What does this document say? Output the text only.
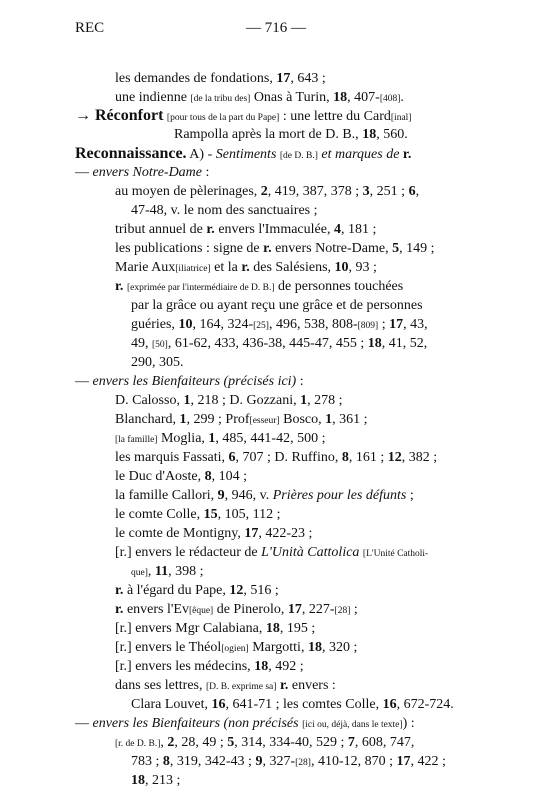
REC	— 716 —
les demandes de fondations, 17, 643 ;
une indienne [de la tribu des] Onas à Turin, 18, 407-[408].
→ Réconfort [pour tous de la part du Pape] : une lettre du Card[inal]
Rampolla après la mort de D. B., 18, 560.
Reconnaissance. A) - Sentiments [de D. B.] et marques de r.
— envers Notre-Dame :
au moyen de pèlerinages, 2, 419, 387, 378 ; 3, 251 ; 6,
47-48, v. le nom des sanctuaires ;
tribut annuel de r. envers l'Immaculée, 4, 181 ;
les publications : signe de r. envers Notre-Dame, 5, 149 ;
Marie Aux[iliatrice] et la r. des Salésiens, 10, 93 ;
r. [exprimée par l'intermédiaire de D. B.] de personnes touchées
par la grâce ou ayant reçu une grâce et de personnes
guéries, 10, 164, 324-[25], 496, 538, 808-[809] ; 17, 43,
49, [50], 61-62, 433, 436-38, 445-47, 455 ; 18, 41, 52,
290, 305.
— envers les Bienfaiteurs (précisés ici) :
D. Calosso, 1, 218 ; D. Gozzani, 1, 278 ;
Blanchard, 1, 299 ; Prof[esseur] Bosco, 1, 361 ;
[la famille] Moglia, 1, 485, 441-42, 500 ;
les marquis Fassati, 6, 707 ; D. Ruffino, 8, 161 ; 12, 382 ;
le Duc d'Aoste, 8, 104 ;
la famille Callori, 9, 946, v. Prières pour les défunts ;
le comte Colle, 15, 105, 112 ;
le comte de Montigny, 17, 422-23 ;
[r.] envers le rédacteur de L'Unità Cattolica [L'Unité Catholi-
que], 11, 398 ;
r. à l'égard du Pape, 12, 516 ;
r. envers l'Ev[êque] de Pinerolo, 17, 227-[28] ;
[r.] envers Mgr Calabiana, 18, 195 ;
[r.] envers le Théol[ogien] Margotti, 18, 320 ;
[r.] envers les médecins, 18, 492 ;
dans ses lettres, [D. B. exprime sa] r. envers :
Clara Louvet, 16, 641-71 ; les comtes Colle, 16, 672-724.
— envers les Bienfaiteurs (non précisés [ici ou, déjà, dans le texte]) :
[r. de D. B.], 2, 28, 49 ; 5, 314, 334-40, 529 ; 7, 608, 747,
783 ; 8, 319, 342-43 ; 9, 327-[28], 410-12, 870 ; 17, 422 ;
18, 213 ;
